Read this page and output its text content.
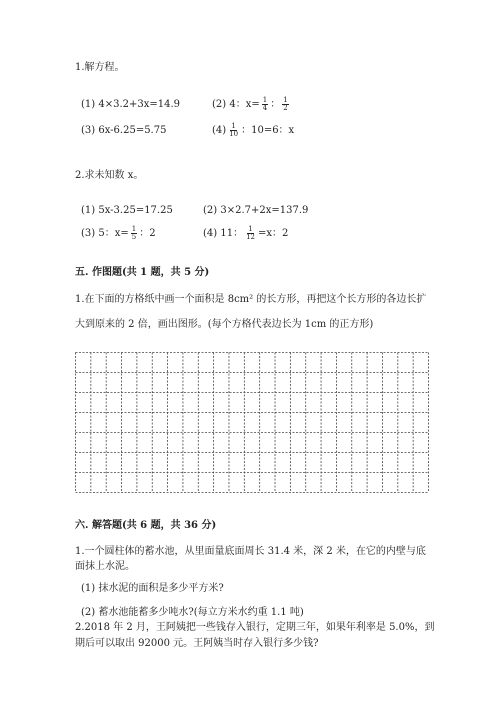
1.解方程。
(1) 4×3.2+3x=14.9	(2) 4：$x= \frac{1}{4}$ ： $\frac{1}{2}$
(3) 6x-6.25=5.75	$(4) \frac{1}{10}$ ：10=6：x
2.求未知数 x。
(1) 5x-3.25=17.25	(2) 3×2.7+2x=137.9
(3) 5：$x= \frac{1}{5}$ ：2	(4) 11： $\frac{1}{12} =x$：2
五. 作图题(共 1 题，共 5 分)
1.在下面的方格纸中画一个面积是 8cm² 的长方形，再把这个长方形的各边长扩
大到原来的 2 倍，画出图形。(每个方格代表边长为 1cm 的正方形)
六. 解答题(共 6 题，共 36 分)
1.一个圆柱体的蓄水池，从里面量底面周长 31.4 米，深 2 米，在它的内壁与底
面抹上水泥。
(1) 抹水泥的面积是多少平方米?
(2) 蓄水池能蓄多少吨水?(每立方米水约重 1.1 吨)
2.2018 年 2 月，王阿姨把一些钱存入银行，定期三年，如果年利率是 5.0%，到
期后可以取出 92000 元。王阿姨当时存入银行多少钱?
